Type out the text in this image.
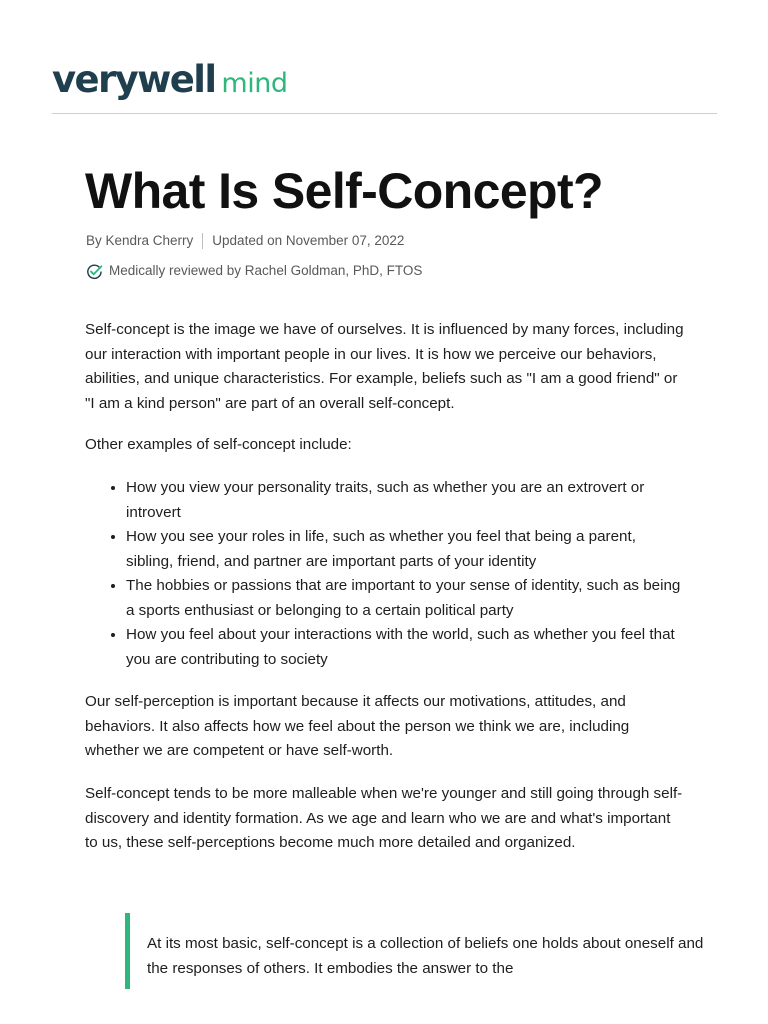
verywell mind
What Is Self-Concept?
By Kendra Cherry Updated on November 07, 2022
Medically reviewed by Rachel Goldman, PhD, FTOS

Self-concept is the image we have of ourselves. It is influenced by many forces, including our interaction with important people in our lives. It is how we perceive our behaviors, abilities, and unique characteristics. For example, beliefs such as "I am a good friend" or "I am a kind person" are part of an overall self-concept.

Other examples of self-concept include:

• How you view your personality traits, such as whether you are an extrovert or introvert
• How you see your roles in life, such as whether you feel that being a parent, sibling, friend, and partner are important parts of your identity
• The hobbies or passions that are important to your sense of identity, such as being a sports enthusiast or belonging to a certain political party
• How you feel about your interactions with the world, such as whether you feel that you are contributing to society

Our self-perception is important because it affects our motivations, attitudes, and behaviors. It also affects how we feel about the person we think we are, including whether we are competent or have self-worth.

Self-concept tends to be more malleable when we're younger and still going through self-discovery and identity formation. As we age and learn who we are and what's important to us, these self-perceptions become much more detailed and organized.

At its most basic, self-concept is a collection of beliefs one holds about oneself and the responses of others. It embodies the answer to the
